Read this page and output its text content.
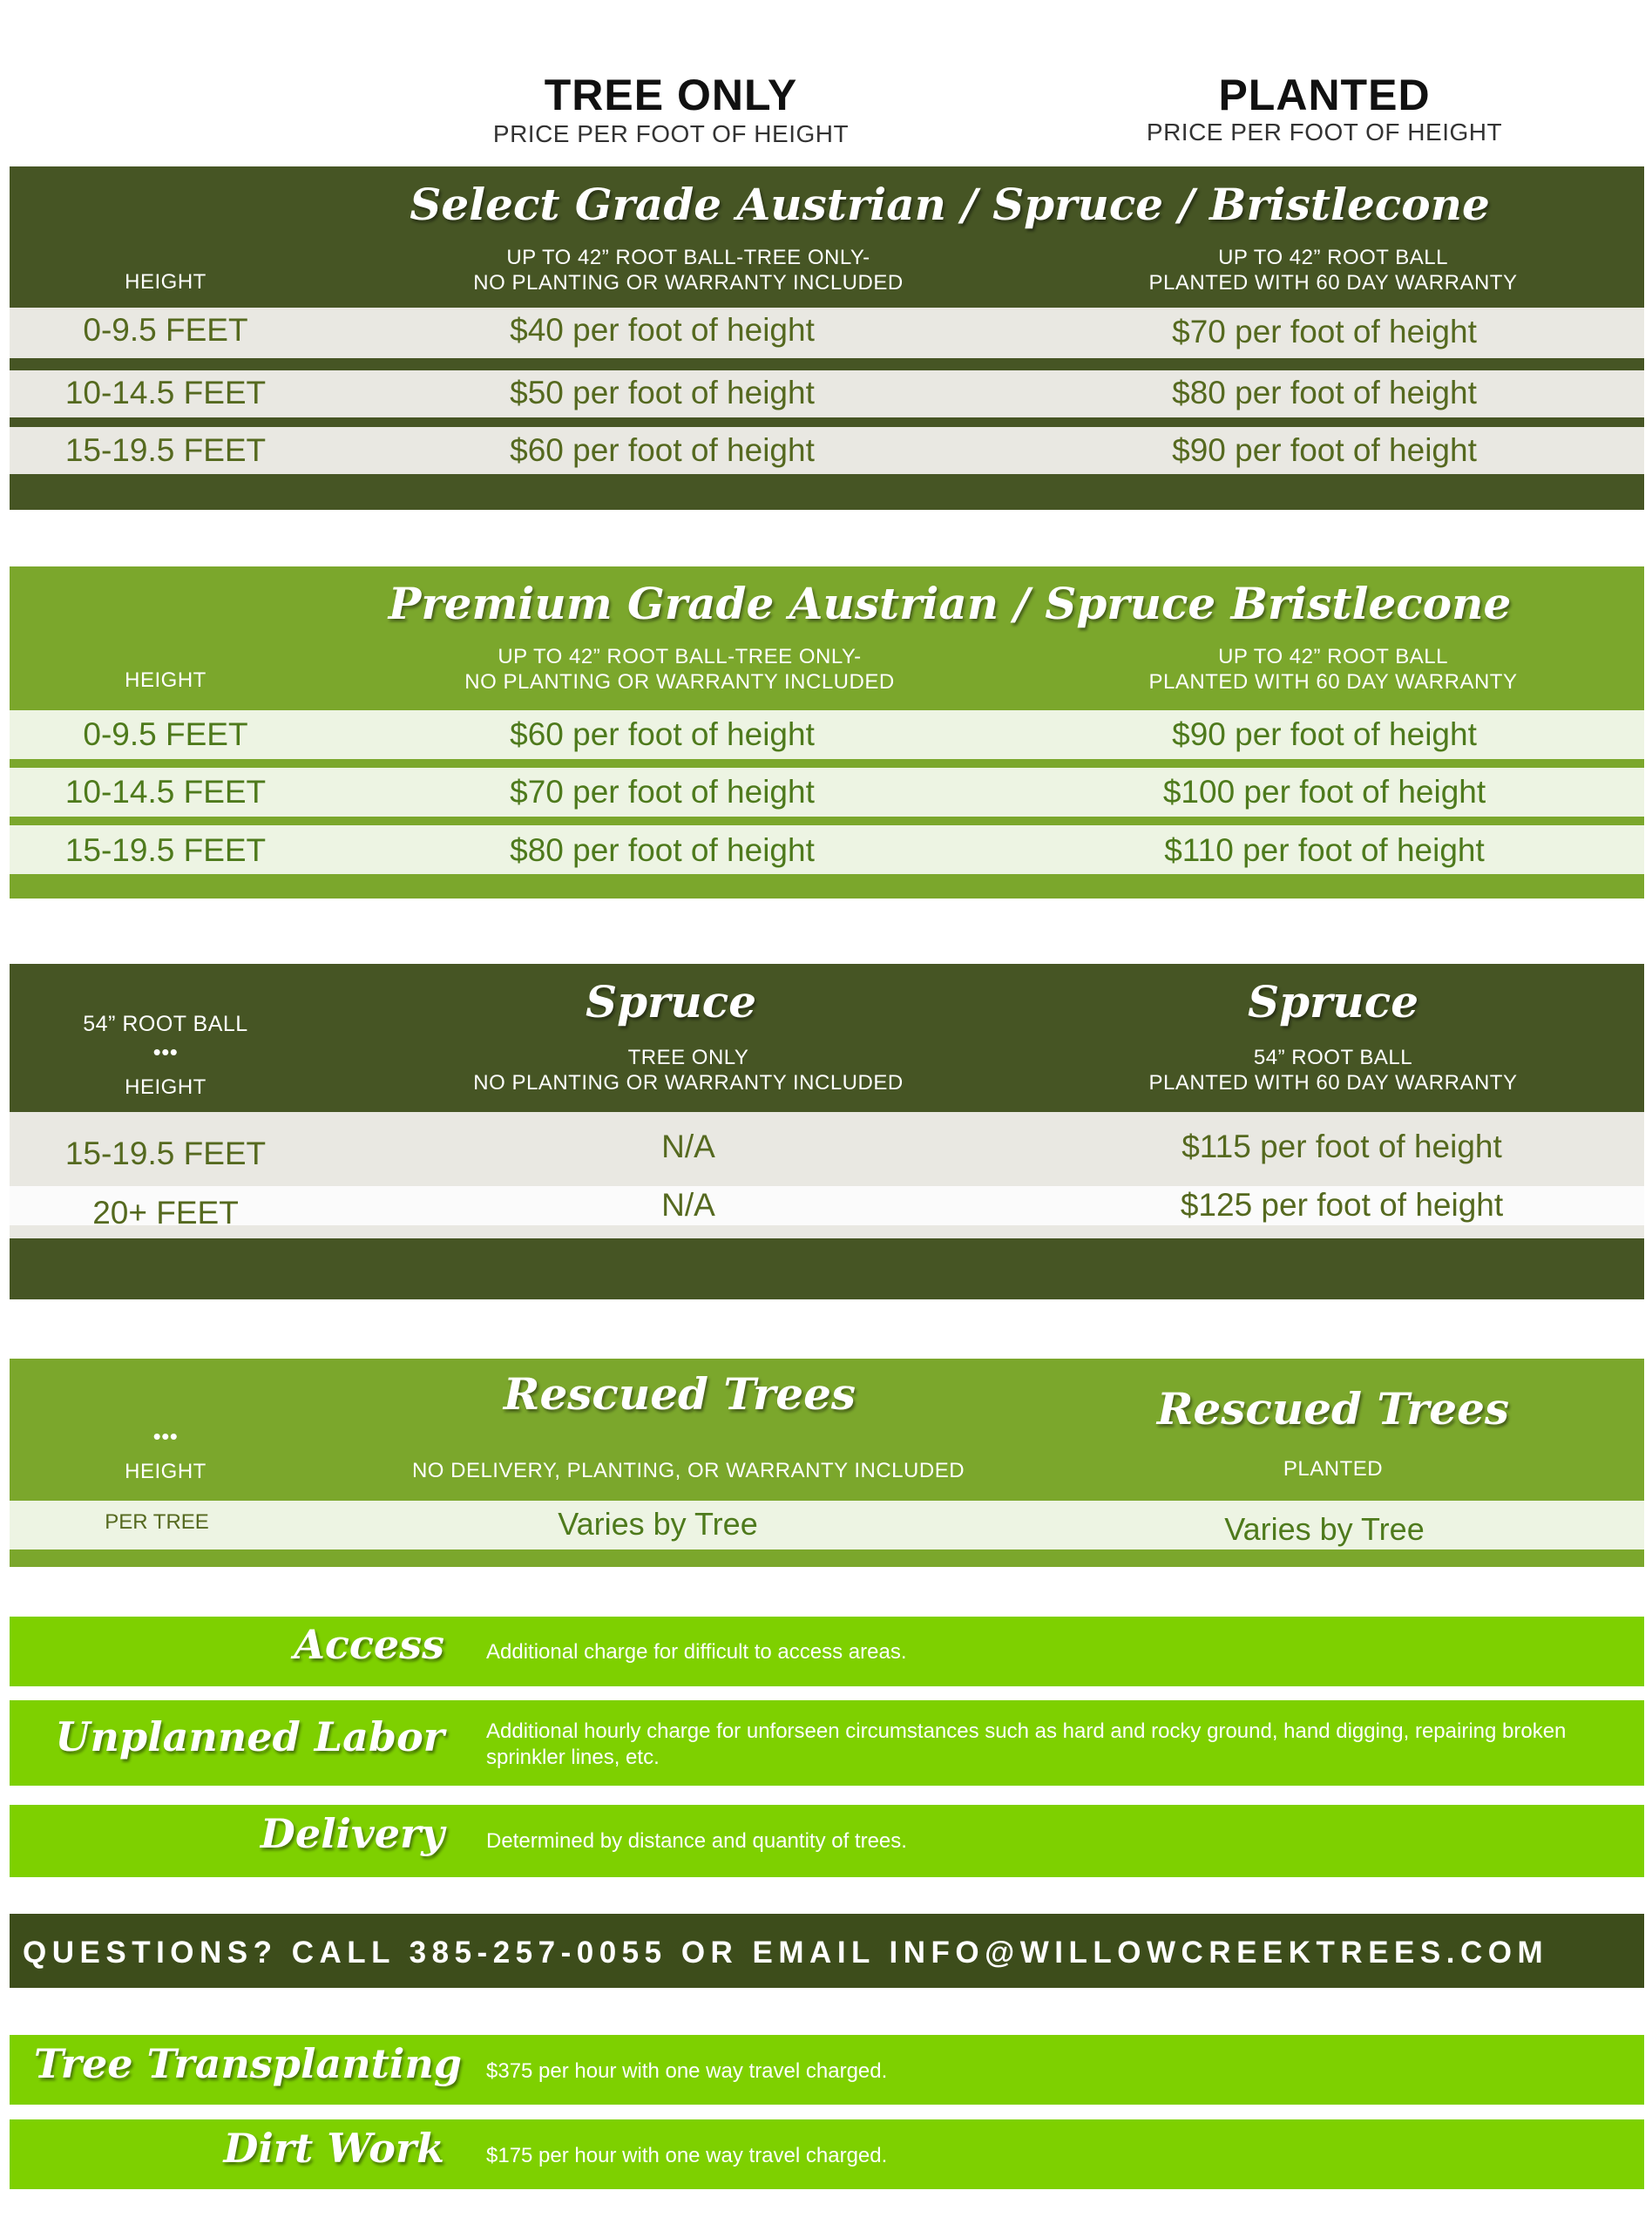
TREE ONLY
PRICE PER FOOT OF HEIGHT
PLANTED
PRICE PER FOOT OF HEIGHT
Select Grade Austrian / Spruce / Bristlecone
HEIGHT
UP TO 42” ROOT BALL-TREE ONLY-
NO PLANTING OR WARRANTY INCLUDED
UP TO 42” ROOT BALL
PLANTED WITH 60 DAY WARRANTY
0-9.5 FEET	$40 per foot of height	$70 per foot of height
10-14.5 FEET	$50 per foot of height	$80 per foot of height
15-19.5 FEET	$60 per foot of height	$90 per foot of height
Premium Grade Austrian / Spruce Bristlecone
HEIGHT
UP TO 42” ROOT BALL-TREE ONLY-
NO PLANTING OR WARRANTY INCLUDED
UP TO 42” ROOT BALL
PLANTED WITH 60 DAY WARRANTY
0-9.5 FEET	$60 per foot of height	$90 per foot of height
10-14.5 FEET	$70 per foot of height	$100 per foot of height
15-19.5 FEET	$80 per foot of height	$110 per foot of height
54” ROOT BALL
•••
HEIGHT
Spruce
TREE ONLY
NO PLANTING OR WARRANTY INCLUDED
Spruce
54” ROOT BALL
PLANTED WITH 60 DAY WARRANTY
15-19.5 FEET	N/A	$115 per foot of height
20+ FEET	N/A	$125 per foot of height
•••
HEIGHT
Rescued Trees
NO DELIVERY, PLANTING, OR WARRANTY INCLUDED
Rescued Trees
PLANTED
PER TREE	Varies by Tree	Varies by Tree
Access Additional charge for difficult to access areas.
Unplanned Labor Additional hourly charge for unforseen circumstances such as hard and rocky ground, hand digging, repairing broken sprinkler lines, etc.
Delivery Determined by distance and quantity of trees.
QUESTIONS? CALL 385-257-0055 OR EMAIL INFO@WILLOWCREEKTREES.COM
Tree Transplanting $375 per hour with one way travel charged.
Dirt Work $175 per hour with one way travel charged.
